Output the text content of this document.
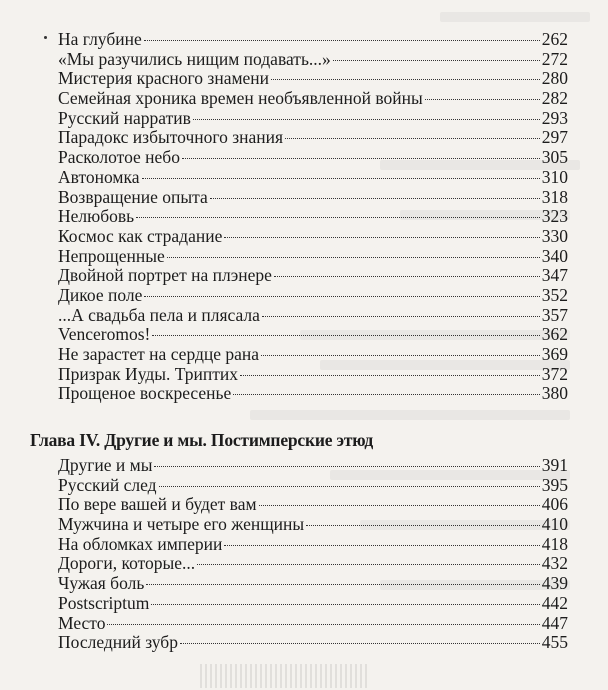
На глубине	262
«Мы разучились нищим подавать...»	272
Мистерия красного знамени	280
Семейная хроника времен необъявленной войны	282
Русский нарратив	293
Парадокс избыточного знания	297
Расколотое небо	305
Автономка	310
Возвращение опыта	318
Нелюбовь	323
Космос как страдание	330
Непрощенные	340
Двойной портрет на плэнере	347
Дикое поле	352
...А свадьба пела и плясала	357
Venceromos!	362
Не зарастет на сердце рана	369
Призрак Иуды. Триптих	372
Прощеное воскресенье	380
Глава IV. Другие и мы. Постимперские этюд
Другие и мы	391
Русский след	395
По вере вашей и будет вам	406
Мужчина и четыре его женщины	410
На обломках империи	418
Дороги, которые...	432
Чужая боль	439
Postscriptum	442
Место	447
Последний зубр	455
